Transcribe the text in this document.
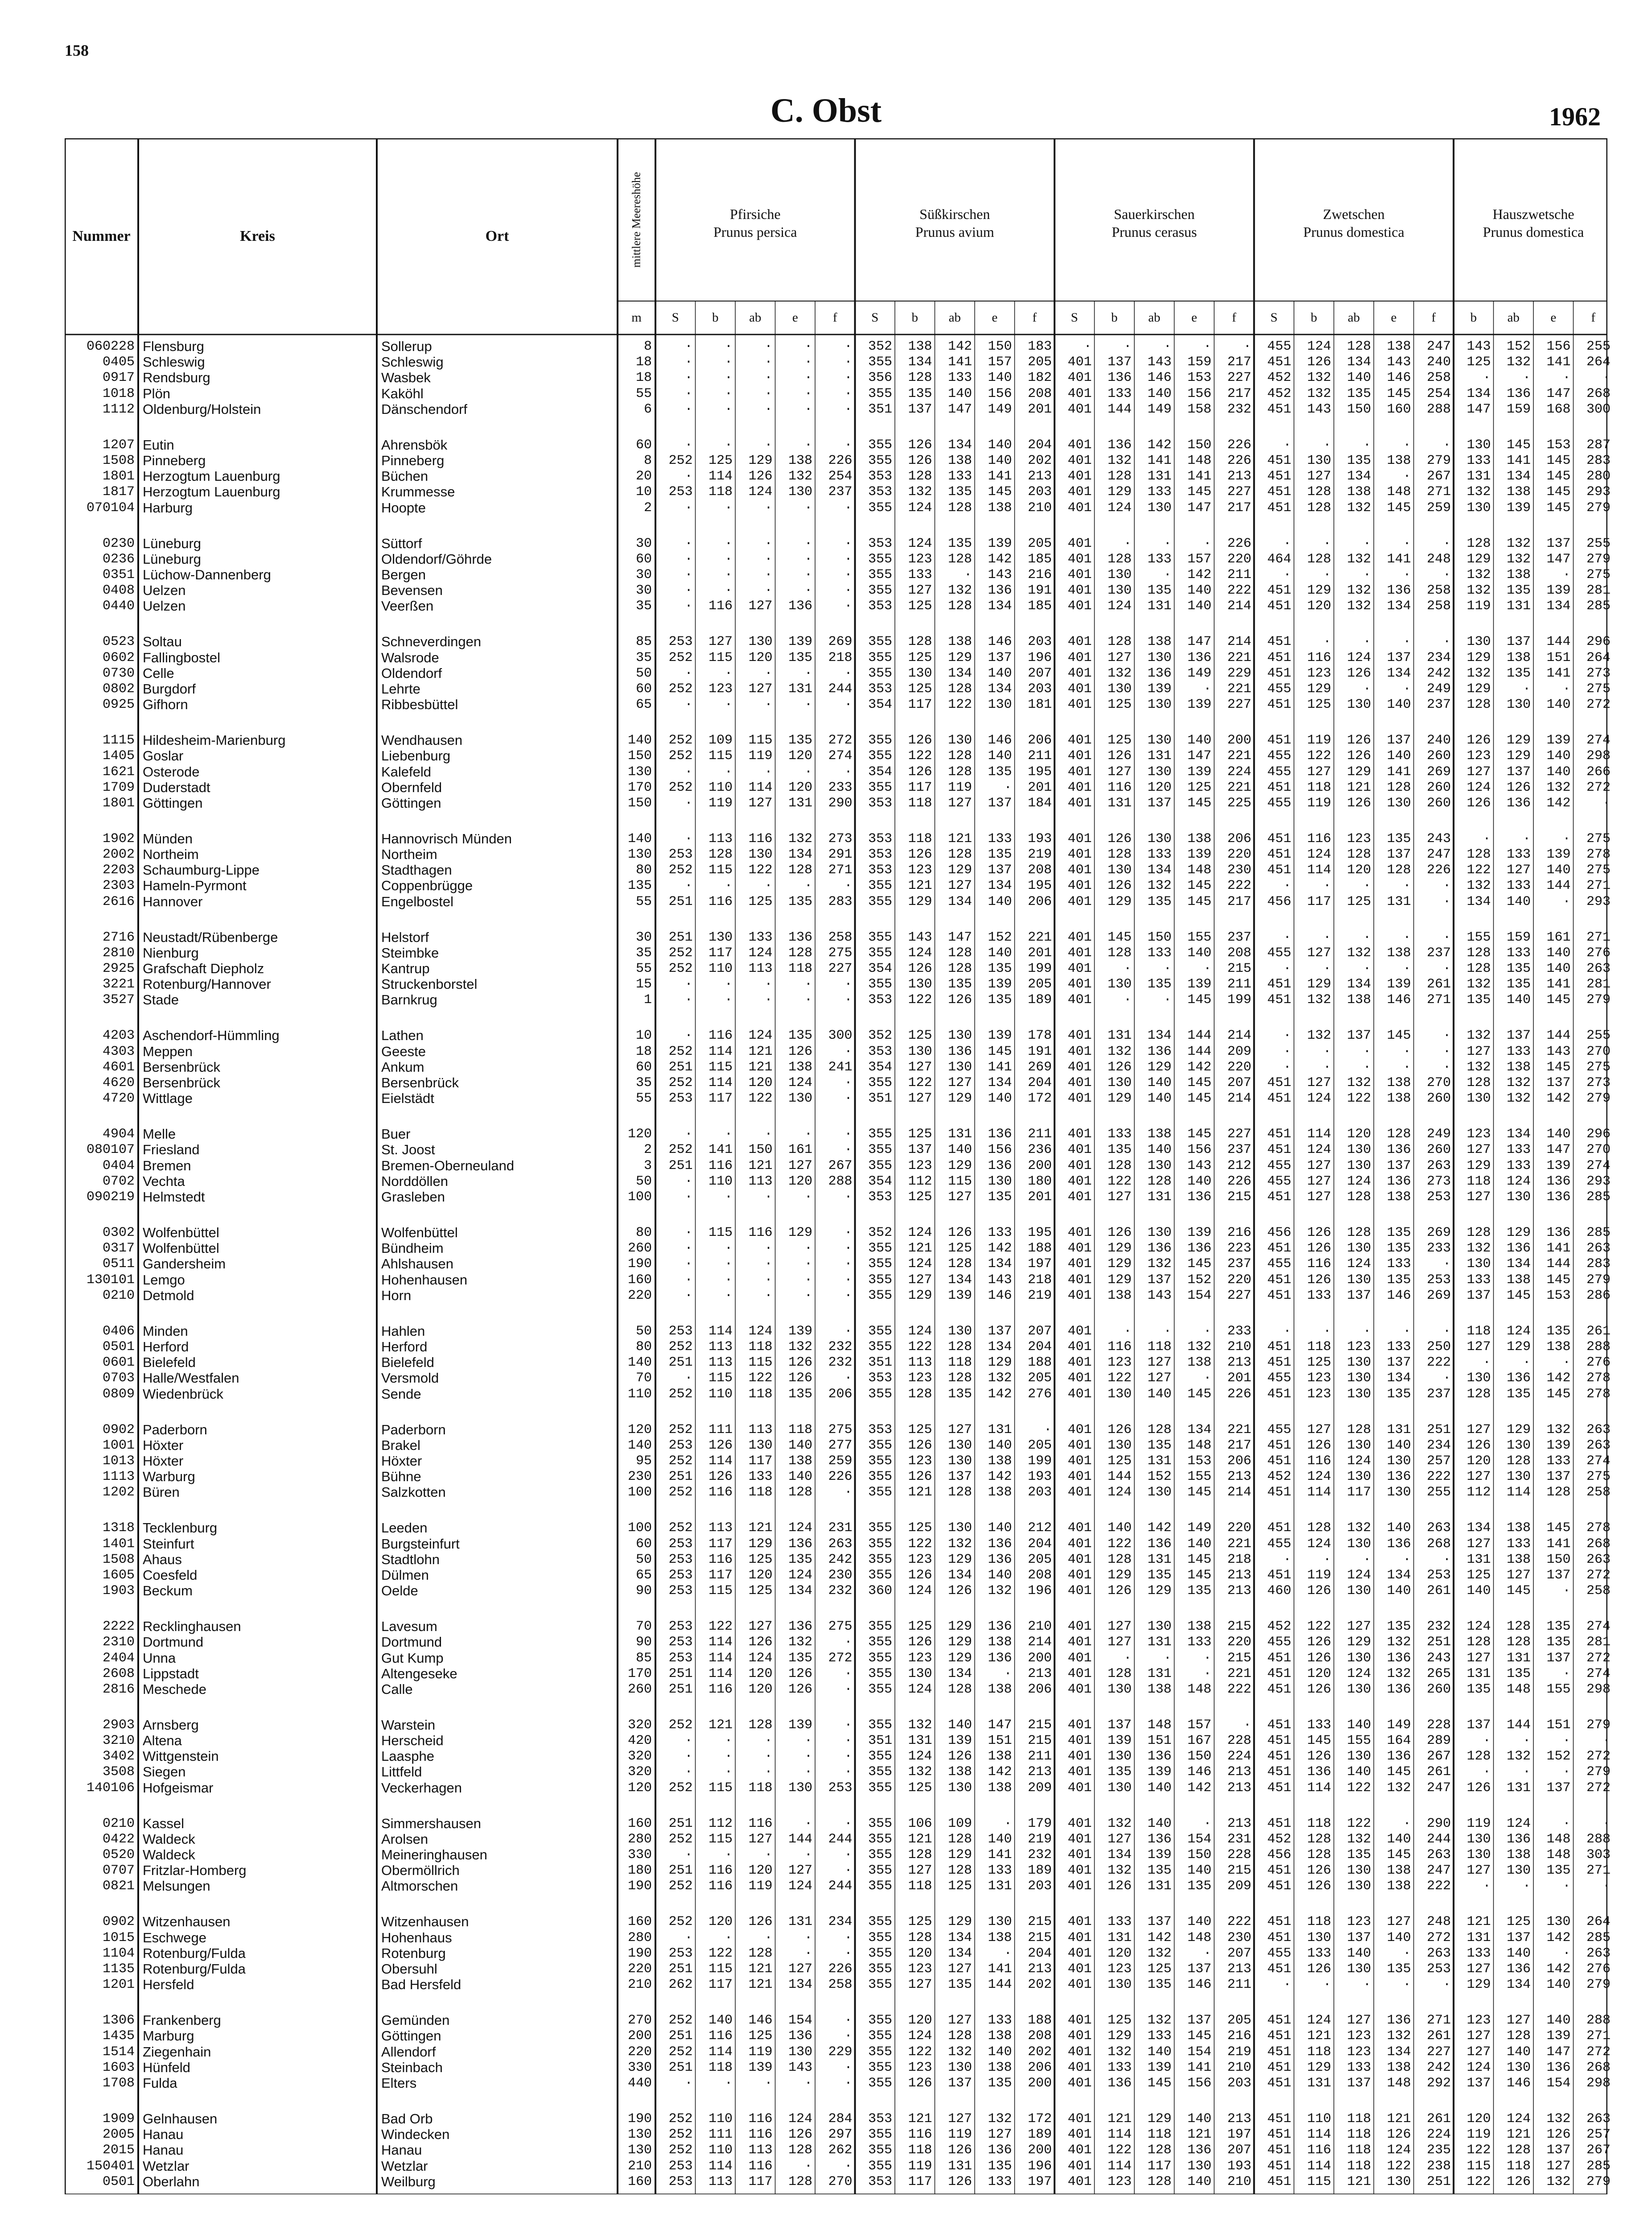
158
C. Obst	1962
Nummer	Kreis	Ort	mittlere Meereshöhe
m
Pfirsiche
Prunus persica
S	b	ab	e	f
Süßkirschen
Prunus avium
S	b	ab	e	f
Sauerkirschen
Prunus cerasus
S	b	ab	e	f
Zwetschen
Prunus domestica
S	b	ab	e	f
Hauszwetsche
Prunus domestica
b	ab	e	f
060228 Flensburg	Sollerup	8	·	·	·	·	·	352	138	142	150	183	·	·	·	·	·	455	124	128	138	247	143	152	156	255
0405 Schleswig	Schleswig	18	·	·	·	·	·	355	134	141	157	205	401	137	143	159	217	451	126	134	143	240	125	132	141	264
0917 Rendsburg	Wasbek	18	·	·	·	·	·	356	128	133	140	182	401	136	146	153	227	452	132	140	146	258	·	·	·	·
1018 Plön	Kaköhl	55	·	·	·	·	·	355	135	140	156	208	401	133	140	156	217	452	132	135	145	254	134	136	147	268
1112 Oldenburg/Holstein	Dänschendorf	6	·	·	·	·	·	351	137	147	149	201	401	144	149	158	232	451	143	150	160	288	147	159	168	300
1207 Eutin	Ahrensbök	60	·	·	·	·	·	355	126	134	140	204	401	136	142	150	226	·	·	·	·	·	130	145	153	287
1508 Pinneberg	Pinneberg	8	252	125	129	138	226	355	126	138	140	202	401	132	141	148	226	451	130	135	138	279	133	141	145	283
1801 Herzogtum Lauenburg	Büchen	20	·	114	126	132	254	353	128	133	141	213	401	128	131	141	213	451	127	134	·	267	131	134	145	280
1817 Herzogtum Lauenburg	Krummesse	10	253	118	124	130	237	353	132	135	145	203	401	129	133	145	227	451	128	138	148	271	132	138	145	293
070104 Harburg	Hoopte	2	·	·	·	·	·	355	124	128	138	210	401	124	130	147	217	451	128	132	145	259	130	139	145	279
0230 Lüneburg	Süttorf	30	·	·	·	·	·	353	124	135	139	205	401	·	·	·	226	·	·	·	·	·	128	132	137	255
0236 Lüneburg	Oldendorf/Göhrde	60	·	·	·	·	·	355	123	128	142	185	401	128	133	157	220	464	128	132	141	248	129	132	147	279
0351 Lüchow-Dannenberg	Bergen	30	·	·	·	·	·	355	133	·	143	216	401	130	·	142	211	·	·	·	·	·	132	138	·	275
0408 Uelzen	Bevensen	30	·	·	·	·	·	355	127	132	136	191	401	130	135	140	222	451	129	132	136	258	132	135	139	281
0440 Uelzen	Veerßen	35	·	116	127	136	·	353	125	128	134	185	401	124	131	140	214	451	120	132	134	258	119	131	134	285
0523 Soltau	Schneverdingen	85	253	127	130	139	269	355	128	138	146	203	401	128	138	147	214	451	·	·	·	·	130	137	144	296
0602 Fallingbostel	Walsrode	35	252	115	120	135	218	355	125	129	137	196	401	127	130	136	221	451	116	124	137	234	129	138	151	264
0730 Celle	Oldendorf	50	·	·	·	·	·	355	130	134	140	207	401	132	136	149	229	451	123	126	134	242	132	135	141	273
0802 Burgdorf	Lehrte	60	252	123	127	131	244	353	125	128	134	203	401	130	139	·	221	455	129	·	·	249	129	·	·	275
0925 Gifhorn	Ribbesbüttel	65	·	·	·	·	·	354	117	122	130	181	401	125	130	139	227	451	125	130	140	237	128	130	140	272
1115 Hildesheim-Marienburg	Wendhausen	140	252	109	115	135	272	355	126	130	146	206	401	125	130	140	200	451	119	126	137	240	126	129	139	274
1405 Goslar	Liebenburg	150	252	115	119	120	274	355	122	128	140	211	401	126	131	147	221	455	122	126	140	260	123	129	140	298
1621 Osterode	Kalefeld	130	·	·	·	·	·	354	126	128	135	195	401	127	130	139	224	455	127	129	141	269	127	137	140	266
1709 Duderstadt	Obernfeld	170	252	110	114	120	233	355	117	119	·	201	401	116	120	125	221	451	118	121	128	260	124	126	132	272
1801 Göttingen	Göttingen	150	·	119	127	131	290	353	118	127	137	184	401	131	137	145	225	455	119	126	130	260	126	136	142	·
1902 Münden	Hannovrisch Münden	140	·	113	116	132	273	353	118	121	133	193	401	126	130	138	206	451	116	123	135	243	·	·	·	275
2002 Northeim	Northeim	130	253	128	130	134	291	353	126	128	135	219	401	128	133	139	220	451	124	128	137	247	128	133	139	278
2203 Schaumburg-Lippe	Stadthagen	80	252	115	122	128	271	353	123	129	137	208	401	130	134	148	230	451	114	120	128	226	122	127	140	275
2303 Hameln-Pyrmont	Coppenbrügge	135	·	·	·	·	·	355	121	127	134	195	401	126	132	145	222	·	·	·	·	·	132	133	144	271
2616 Hannover	Engelbostel	55	251	116	125	135	283	355	129	134	140	206	401	129	135	145	217	456	117	125	131	·	134	140	·	293
2716 Neustadt/Rübenberge	Helstorf	30	251	130	133	136	258	355	143	147	152	221	401	145	150	155	237	·	·	·	·	·	155	159	161	271
2810 Nienburg	Steimbke	35	252	117	124	128	275	355	124	128	140	201	401	128	133	140	208	455	127	132	138	237	128	133	140	276
2925 Grafschaft Diepholz	Kantrup	55	252	110	113	118	227	354	126	128	135	199	401	·	·	·	215	·	·	·	·	·	128	135	140	263
3221 Rotenburg/Hannover	Struckenborstel	15	·	·	·	·	·	355	130	135	139	205	401	130	135	139	211	451	129	134	139	261	132	135	141	281
3527 Stade	Barnkrug	1	·	·	·	·	·	353	122	126	135	189	401	·	·	145	199	451	132	138	146	271	135	140	145	279
4203 Aschendorf-Hümmling	Lathen	10	·	116	124	135	300	352	125	130	139	178	401	131	134	144	214	·	132	137	145	·	132	137	144	255
4303 Meppen	Geeste	18	252	114	121	126	·	353	130	136	145	191	401	132	136	144	209	·	·	·	·	·	127	133	143	270
4601 Bersenbrück	Ankum	60	251	115	121	138	241	354	127	130	141	269	401	126	129	142	220	·	·	·	·	·	132	138	145	275
4620 Bersenbrück	Bersenbrück	35	252	114	120	124	·	355	122	127	134	204	401	130	140	145	207	451	127	132	138	270	128	132	137	273
4720 Wittlage	Eielstädt	55	253	117	122	130	·	351	127	129	140	172	401	129	140	145	214	451	124	122	138	260	130	132	142	279
4904 Melle	Buer	120	·	·	·	·	·	355	125	131	136	211	401	133	138	145	227	451	114	120	128	249	123	134	140	296
080107 Friesland	St. Joost	2	252	141	150	161	·	355	137	140	156	236	401	135	140	156	237	451	124	130	136	260	127	133	147	270
0404 Bremen	Bremen-Oberneuland	3	251	116	121	127	267	355	123	129	136	200	401	128	130	143	212	455	127	130	137	263	129	133	139	274
0702 Vechta	Norddöllen	50	·	110	113	120	288	354	112	115	130	180	401	122	128	140	226	455	127	124	136	273	118	124	136	293
090219 Helmstedt	Grasleben	100	·	·	·	·	·	353	125	127	135	201	401	127	131	136	215	451	127	128	138	253	127	130	136	285
0302 Wolfenbüttel	Wolfenbüttel	80	·	115	116	129	·	352	124	126	133	195	401	126	130	139	216	456	126	128	135	269	128	129	136	285
0317 Wolfenbüttel	Bündheim	260	·	·	·	·	·	355	121	125	142	188	401	129	136	136	223	451	126	130	135	233	132	136	141	263
0511 Gandersheim	Ahlshausen	190	·	·	·	·	·	355	124	128	134	197	401	129	132	145	237	455	116	124	133	·	130	134	144	283
130101 Lemgo	Hohenhausen	160	·	·	·	·	·	355	127	134	143	218	401	129	137	152	220	451	126	130	135	253	133	138	145	279
0210 Detmold	Horn	220	·	·	·	·	·	355	129	139	146	219	401	138	143	154	227	451	133	137	146	269	137	145	153	286
0406 Minden	Hahlen	50	253	114	124	139	·	355	124	130	137	207	401	·	·	·	233	·	·	·	·	·	118	124	135	261
0501 Herford	Herford	80	252	113	118	132	232	355	122	128	134	204	401	116	118	132	210	451	118	123	133	250	127	129	138	288
0601 Bielefeld	Bielefeld	140	251	113	115	126	232	351	113	118	129	188	401	123	127	138	213	451	125	130	137	222	·	·	·	276
0703 Halle/Westfalen	Versmold	70	·	115	122	126	·	353	123	128	132	205	401	122	127	·	201	455	123	130	134	·	130	136	142	278
0809 Wiedenbrück	Sende	110	252	110	118	135	206	355	128	135	142	276	401	130	140	145	226	451	123	130	135	237	128	135	145	278
0902 Paderborn	Paderborn	120	252	111	113	118	275	353	125	127	131	·	401	126	128	134	221	455	127	128	131	251	127	129	132	263
1001 Höxter	Brakel	140	253	126	130	140	277	355	126	130	140	205	401	130	135	148	217	451	126	130	140	234	126	130	139	263
1013 Höxter	Höxter	95	252	114	117	138	259	355	123	130	138	199	401	125	131	153	206	451	116	124	130	257	120	128	133	274
1113 Warburg	Bühne	230	251	126	133	140	226	355	126	137	142	193	401	144	152	155	213	452	124	130	136	222	127	130	137	275
1202 Büren	Salzkotten	100	252	116	118	128	·	355	121	128	138	203	401	124	130	145	214	451	114	117	130	255	112	114	128	258
1318 Tecklenburg	Leeden	100	252	113	121	124	231	355	125	130	140	212	401	140	142	149	220	451	128	132	140	263	134	138	145	278
1401 Steinfurt	Burgsteinfurt	60	253	117	129	136	263	355	122	132	136	204	401	122	136	140	221	455	124	130	136	268	127	133	141	268
1508 Ahaus	Stadtlohn	50	253	116	125	135	242	355	123	129	136	205	401	128	131	145	218	·	·	·	·	·	131	138	150	263
1605 Coesfeld	Dülmen	65	253	117	120	124	230	355	126	134	140	208	401	129	135	145	213	451	119	124	134	253	125	127	137	272
1903 Beckum	Oelde	90	253	115	125	134	232	360	124	126	132	196	401	126	129	135	213	460	126	130	140	261	140	145	·	258
2222 Recklinghausen	Lavesum	70	253	122	127	136	275	355	125	129	136	210	401	127	130	138	215	452	122	127	135	232	124	128	135	274
2310 Dortmund	Dortmund	90	253	114	126	132	·	355	126	129	138	214	401	127	131	133	220	455	126	129	132	251	128	128	135	281
2404 Unna	Gut Kump	85	253	114	124	135	272	355	123	129	136	200	401	·	·	·	215	451	126	130	136	243	127	131	137	272
2608 Lippstadt	Altengeseke	170	251	114	120	126	·	355	130	134	·	213	401	128	131	·	221	451	120	124	132	265	131	135	·	274
2816 Meschede	Calle	260	251	116	120	126	·	355	124	128	138	206	401	130	138	148	222	451	126	130	136	260	135	148	155	298
2903 Arnsberg	Warstein	320	252	121	128	139	·	355	132	140	147	215	401	137	148	157	·	451	133	140	149	228	137	144	151	279
3210 Altena	Herscheid	420	·	·	·	·	·	351	131	139	151	215	401	139	151	167	228	451	145	155	164	289	·	·	·	·
3402 Wittgenstein	Laasphe	320	·	·	·	·	·	355	124	126	138	211	401	130	136	150	224	451	126	130	136	267	128	132	152	272
3508 Siegen	Littfeld	320	·	·	·	·	·	355	132	138	142	213	401	135	139	146	213	451	136	140	145	261	·	·	·	279
140106 Hofgeismar	Veckerhagen	120	252	115	118	130	253	355	125	130	138	209	401	130	140	142	213	451	114	122	132	247	126	131	137	272
0210 Kassel	Simmershausen	160	251	112	116	·	·	355	106	109	·	179	401	132	140	·	213	451	118	122	·	290	119	124	·	·
0422 Waldeck	Arolsen	280	252	115	127	144	244	355	121	128	140	219	401	127	136	154	231	452	128	132	140	244	130	136	148	288
0520 Waldeck	Meineringhausen	330	·	·	·	·	·	355	128	129	141	232	401	134	139	150	228	456	128	135	145	263	130	138	148	303
0707 Fritzlar-Homberg	Obermöllrich	180	251	116	120	127	·	355	127	128	133	189	401	132	135	140	215	451	126	130	138	247	127	130	135	271
0821 Melsungen	Altmorschen	190	252	116	119	124	244	355	118	125	131	203	401	126	131	135	209	451	126	130	138	222	·	·	·	·
0902 Witzenhausen	Witzenhausen	160	252	120	126	131	234	355	125	129	130	215	401	133	137	140	222	451	118	123	127	248	121	125	130	264
1015 Eschwege	Hohenhaus	280	·	·	·	·	·	355	128	134	138	215	401	131	142	148	230	451	130	137	140	272	131	137	142	285
1104 Rotenburg/Fulda	Rotenburg	190	253	122	128	·	·	355	120	134	·	204	401	120	132	·	207	455	133	140	·	263	133	140	·	263
1135 Rotenburg/Fulda	Obersuhl	220	251	115	121	127	226	355	123	127	141	213	401	123	125	137	213	451	126	130	135	253	127	136	142	276
1201 Hersfeld	Bad Hersfeld	210	262	117	121	134	258	355	127	135	144	202	401	130	135	146	211	·	·	·	·	·	129	134	140	279
1306 Frankenberg	Gemünden	270	252	140	146	154	·	355	120	127	133	188	401	125	132	137	205	451	124	127	136	271	123	127	140	288
1435 Marburg	Göttingen	200	251	116	125	136	·	355	124	128	138	208	401	129	133	145	216	451	121	123	132	261	127	128	139	271
1514 Ziegenhain	Allendorf	220	252	114	119	130	229	355	122	132	140	202	401	132	140	154	219	451	118	123	134	227	127	140	147	272
1603 Hünfeld	Steinbach	330	251	118	139	143	·	355	123	130	138	206	401	133	139	141	210	451	129	133	138	242	124	130	136	268
1708 Fulda	Elters	440	·	·	·	·	·	355	126	137	135	200	401	136	145	156	203	451	131	137	148	292	137	146	154	298
1909 Gelnhausen	Bad Orb	190	252	110	116	124	284	353	121	127	132	172	401	121	129	140	213	451	110	118	121	261	120	124	132	263
2005 Hanau	Windecken	130	252	111	116	126	297	355	116	119	127	189	401	114	118	121	197	451	114	118	126	224	119	121	126	257
2015 Hanau	Hanau	130	252	110	113	128	262	355	118	126	136	200	401	122	128	136	207	451	116	118	124	235	122	128	137	267
150401 Wetzlar	Wetzlar	210	253	114	116	·	·	355	119	131	135	196	401	114	117	130	193	451	114	118	122	238	115	118	127	285
0501 Oberlahn	Weilburg	160	253	113	117	128	270	353	117	126	133	197	401	123	128	140	210	451	115	121	130	251	122	126	132	279
